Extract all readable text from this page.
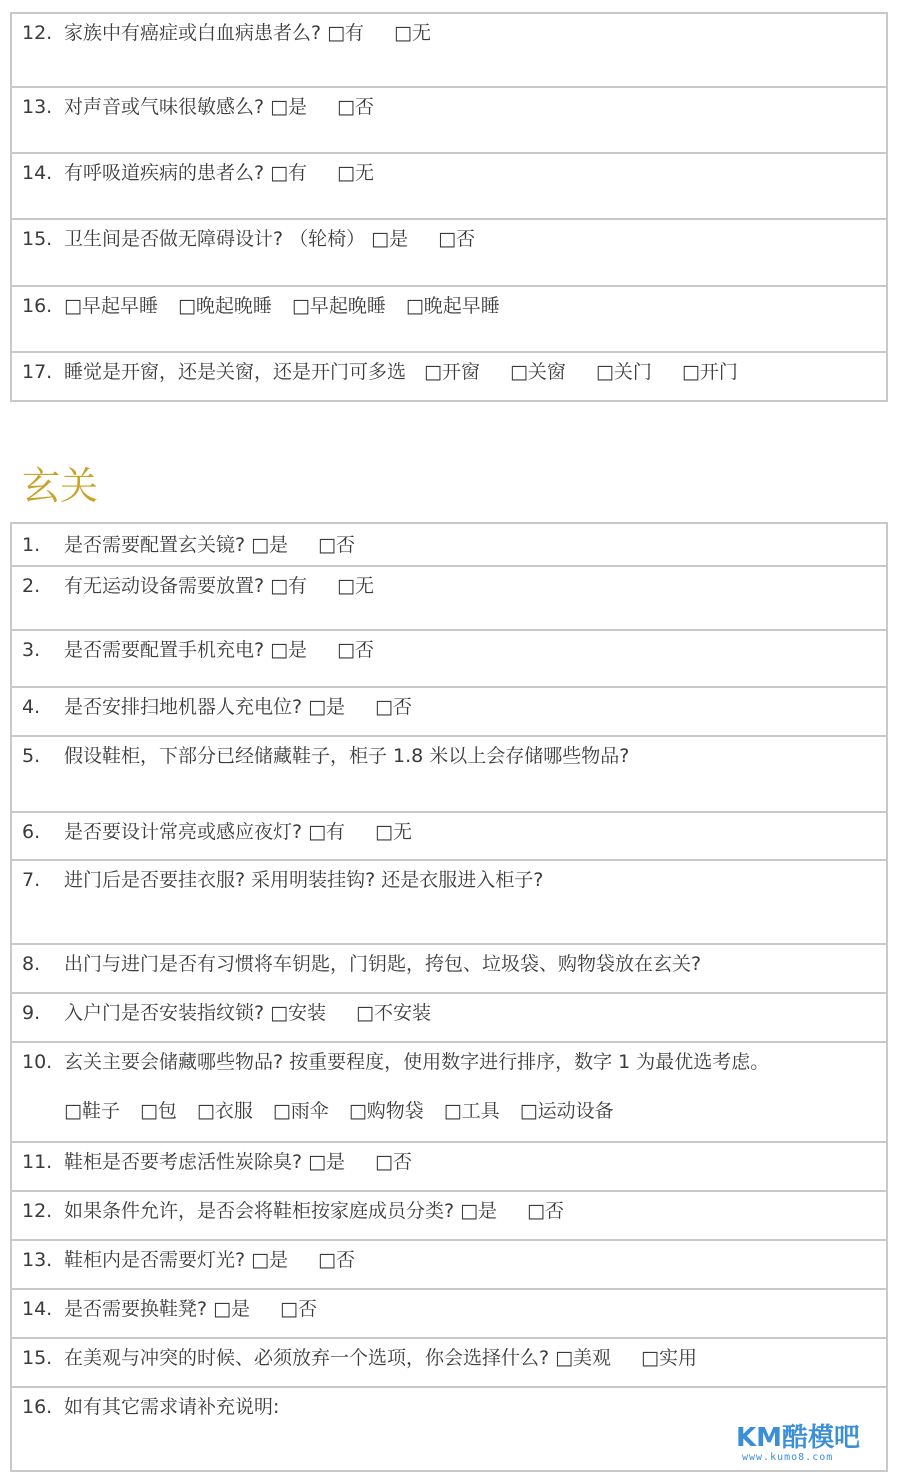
12. 家族中有癌症或白血病患者么? □有 □无
13. 对声音或气味很敏感么? □是 □否
14. 有呼吸道疾病的患者么? □有 □无
15. 卫生间是否做无障碍设计? （轮椅） □是 □否
16. □早起早睡 □晚起晚睡 □早起晚睡 □晚起早睡
17. 睡觉是开窗，还是关窗，还是开门可多选 □开窗 □关窗 □关门 □开门
玄关
1. 是否需要配置玄关镜? □是 □否
2. 有无运动设备需要放置? □有 □无
3. 是否需要配置手机充电? □是 □否
4. 是否安排扫地机器人充电位? □是 □否
5. 假设鞋柜，下部分已经储藏鞋子，柜子 1.8 米以上会存储哪些物品?
6. 是否要设计常亮或感应夜灯? □有 □无
7. 进门后是否要挂衣服? 采用明装挂钩? 还是衣服进入柜子?
8. 出门与进门是否有习惯将车钥匙，门钥匙，挎包、垃圾袋、购物袋放在玄关?
9. 入户门是否安装指纹锁? □安装 □不安装
10. 玄关主要会储藏哪些物品? 按重要程度，使用数字进行排序，数字 1 为最优选考虑。
□鞋子 □包 □衣服 □雨伞 □购物袋 □工具 □运动设备
11. 鞋柜是否要考虑活性炭除臭? □是 □否
12. 如果条件允许，是否会将鞋柜按家庭成员分类? □是 □否
13. 鞋柜内是否需要灯光? □是 □否
14. 是否需要换鞋凳? □是 □否
15. 在美观与冲突的时候、必须放弃一个选项，你会选择什么? □美观 □实用
16. 如有其它需求请补充说明:
KM酷模吧
www.kumo8.com
